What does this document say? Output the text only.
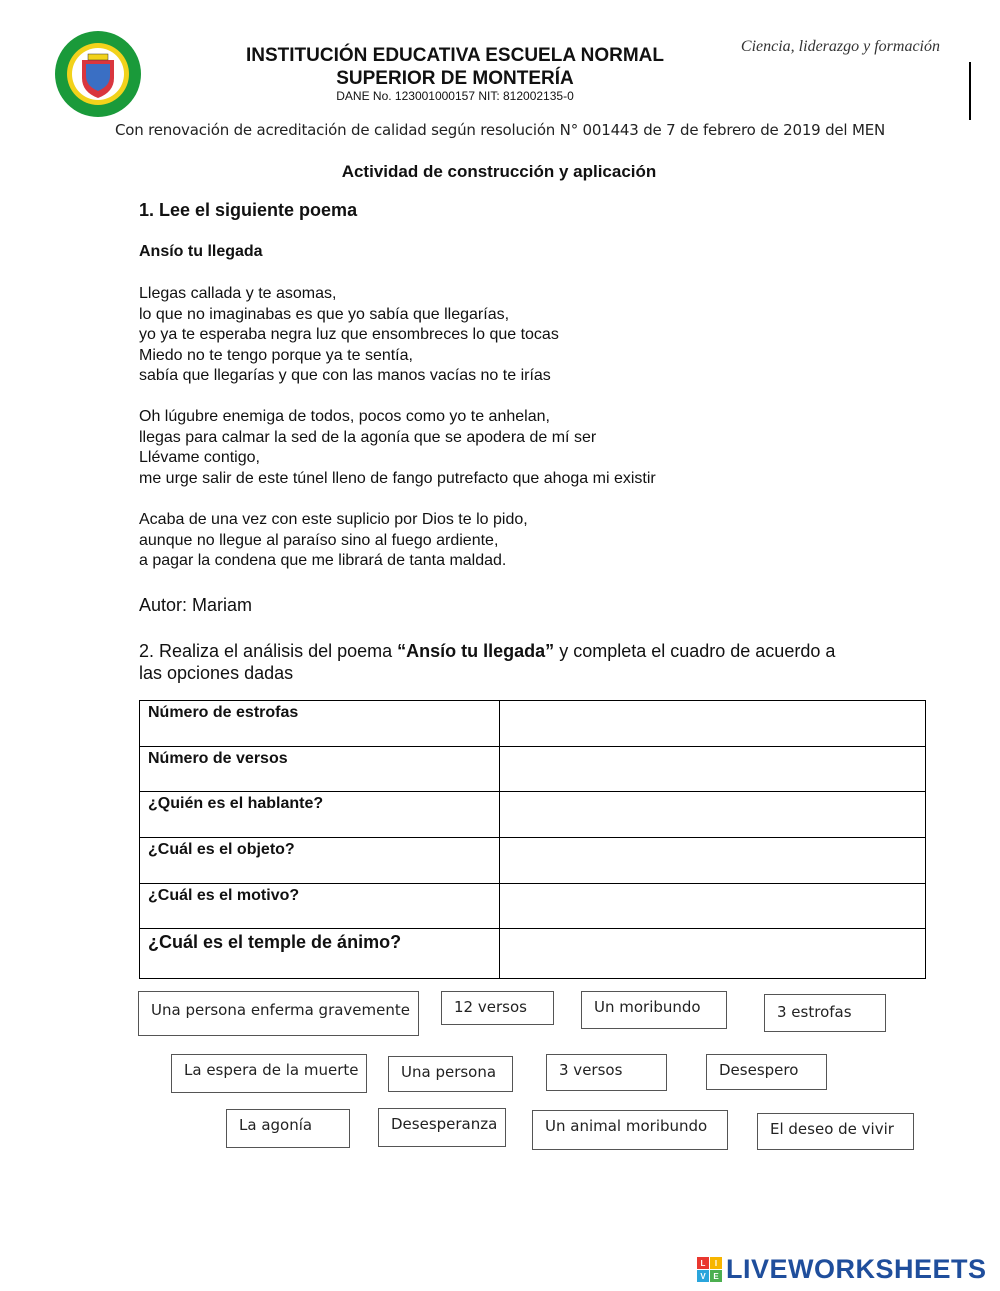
INSTITUCIÓN EDUCATIVA ESCUELA NORMAL
SUPERIOR DE MONTERÍA
DANE No. 123001000157 NIT: 812002135-0
Ciencia, liderazgo y formación
Con renovación de acreditación de calidad según resolución N° 001443 de 7 de febrero de 2019 del MEN
Actividad de construcción y aplicación
1. Lee el siguiente poema
Ansío tu llegada
Llegas callada y te asomas,
lo que no imaginabas es que yo sabía que llegarías,
yo ya te esperaba negra luz que ensombreces lo que tocas
Miedo no te tengo porque ya te sentía,
sabía que llegarías y que con las manos vacías no te irías
Oh lúgubre enemiga de todos, pocos como yo te anhelan,
llegas para calmar la sed de la agonía que se apodera de mí ser
Llévame contigo,
me urge salir de este túnel lleno de fango putrefacto que ahoga mi existir
Acaba de una vez con este suplicio por Dios te lo pido,
aunque no llegue al paraíso sino al fuego ardiente,
a pagar la condena que me librará de tanta maldad.
Autor: Mariam
2. Realiza el análisis del poema “Ansío tu llegada” y completa el cuadro de acuerdo a las opciones dadas
Número de estrofas	
Número de versos	
¿Quién es el hablante?	
¿Cuál es el objeto?	
¿Cuál es el motivo?	
¿Cuál es el temple de ánimo?	
Una persona enferma gravemente	12 versos	Un moribundo	3 estrofas
La espera de la muerte	Una persona	3 versos	Desespero
La agonía	Desesperanza	Un animal moribundo	El deseo de vivir
L	I
V E LIVEWORKSHEETS
